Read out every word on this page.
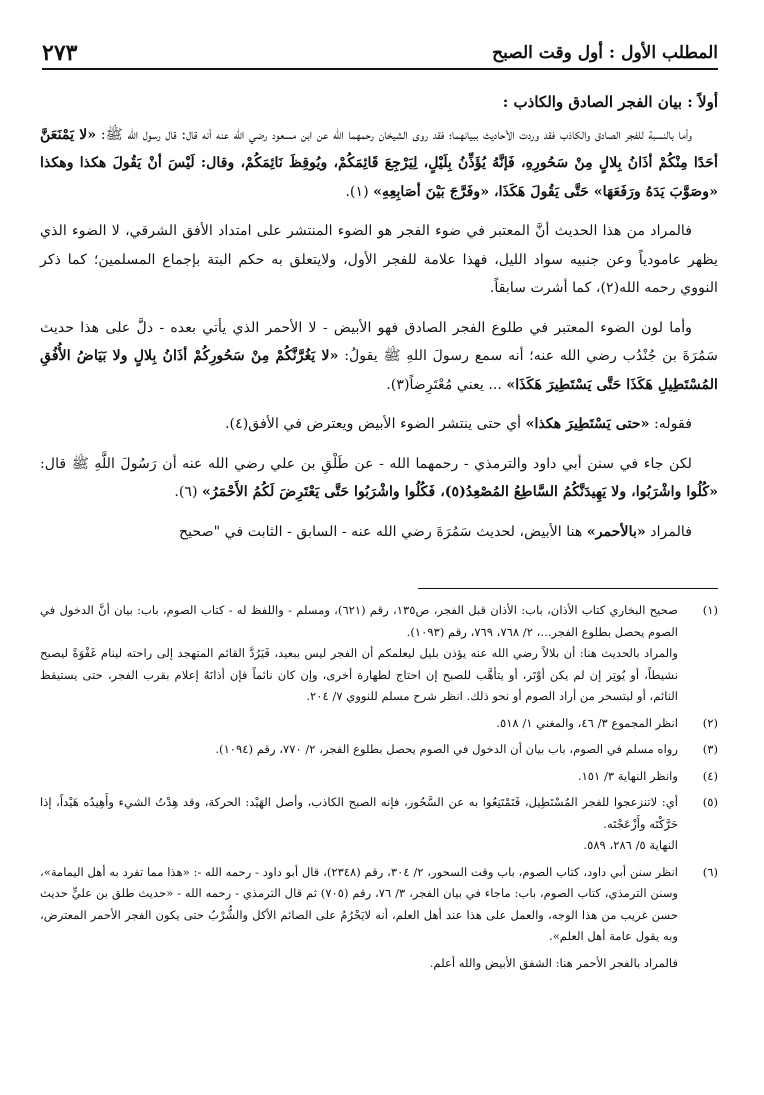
المطلب الأول : أول وقت الصبح
٢٧٣
أولاً : بيان الفجر الصادق والكاذب :

وأما بالنسبة للفجر الصادق والكاذب فقد وردت الأحاديث ببيانهما؛ فقد روى الشيخان رحمهما الله عن ابن مسعود رضي الله عنه أنه قال: قال رسول الله ﷺ: «لا يَمْنَعَنَّ أحَدًا مِنْكُمْ أذَانُ بِلالٍ مِنْ سَحُورِهِ، فَإنَّهُ يُؤَذِّنُ بِلَيْلٍ، لِيَرْجِعَ قَائِمَكُمْ، ويُوقِظَ نَائِمَكُمْ، وقال: لَيْسَ أنْ يَقُولَ هكذا وهكذا «وصَوَّبَ يَدَهُ ورَفَعَهَا» حَتَّى يَقُولَ هَكَذَا، «وفَرَّجَ بَيْنَ أصَابِعِهِ» (١).

فالمراد من هذا الحديث أنَّ المعتبر في ضوء الفجر هو الضوء المنتشر على امتداد الأفق الشرقي، لا الضوء الذي يظهر عامودياً وعن جنبيه سواد الليل، فهذا علامة للفجر الأول، ولايتعلق به حكم البتة بإجماع المسلمين؛ كما ذكر النووي رحمه الله(٢)، كما أشرت سابقاً.

وأما لون الضوء المعتبر في طلوع الفجر الصادق فهو الأبيض - لا الأحمر الذي يأتي بعده - دلَّ على هذا حديث سَمُرَةَ بن جُنْدُب رضي الله عنه؛ أنه سمع رسولَ اللهِ ﷺ يقولُ: «لا يَغُرَّنَّكُمْ مِنْ سَحُورِكُمْ أذَانُ بِلالٍ ولا بَيَاضُ الأُفُقِ المُسْتَطِيلِ هَكَذَا حَتَّى يَسْتَطِيرَ هَكَذَا» ... يعني مُعْتَرِضاً(٣).

فقوله: «حتى يَسْتَطِيرَ هكذا» أي حتى ينتشر الضوء الأبيض ويعترض في الأفق(٤).

لكن جاء في سنن أبي داود والترمذي - رحمهما الله - عن طَلْقِ بن علي رضي الله عنه أن رَسُولَ اللَّهِ ﷺ قال: «كُلُوا واشْرَبُوا، ولا يَهِيدَنَّكُمُ السَّاطِعُ المُصْعِدُ(٥)، فَكُلُوا واشْرَبُوا حَتَّى يَعْتَرِضَ لَكُمُ الأَحْمَرُ» (٦).

فالمراد «بالأحمر» هنا الأبيض، لحديث سَمُرَةَ رضي الله عنه - السابق - الثابت في "صحيح

(١)

صحيح البخاري كتاب الأذان، باب: الأذان قبل الفجر، ص١٣٥، رقم (٦٢١)، ومسلم - واللفظ له - كتاب الصوم، باب: بيان أنَّ الدخول في الصوم يحصل بطلوع الفجر...، ٢/ ٧٦٨، ٧٦٩، رقم (١٠٩٣).

والمراد بالحديث هنا: أن بلالاً رضي الله عنه يؤذن بليل ليعلمكم أن الفجر ليس ببعيد، فَيَرُدَّ القائم المتهجد إلى راحته لينام غَفْوَةً ليصبح نشيطاً، أو يُوتِر إن لم يكن أوْتَر، أو يتأهَّب للصبح إن احتاج لطهارة أخرى، وإن كان نائماً فإن أذانَهُ إعلام بقرب الفجر، حتى يستيقظ النائم، أو ليتسحر من أراد الصوم أو نحو ذلك. انظر شرح مسلم للنووي ٧/ ٢٠٤.

(٢)

انظر المجموع ٣/ ٤٦، والمغني ١/ ٥١٨.

(٣)

رواه مسلم في الصوم، باب بيان أن الدخول في الصوم يحصل بطلوع الفجر، ٢/ ٧٧٠، رقم (١٠٩٤).

(٤)

وانظر النهاية ٣/ ١٥١.

(٥)

أي: لاتنزعجوا للفجر المُسْتَطِيل، فَتَمْتَنِعُوا به عن السَّحُور، فإنه الصبح الكاذب، وأصل الهَيْد: الحركة، وقد هِدْتُ الشيء وأَهِيدُه هَيْداً، إذا حَرَّكْتَه وأَزْعَجْتَه.

النهاية ٥/ ٢٨٦، ٥٨٩.

(٦)

انظر سنن أبي داود، كتاب الصوم، باب وقت السحور، ٢/ ٣٠٤، رقم (٢٣٤٨)، قال أبو داود - رحمه الله -: «هذا مما تفرد به أهل اليمامة»، وسنن الترمذي، كتاب الصوم، باب: ماجاء في بيان الفجر، ٣/ ٧٦، رقم (٧٠٥) ثم قال الترمذي - رحمه الله - «حديث طلق بن عليٍّ حديث حسن غريب من هذا الوجه، والعمل على هذا عند أهل العلم، أنه لايَحْرُمُ على الصائم الأكل والشُّرْبُ حتى يكون الفجر الأحمر المعترض، وبه يقول عامة أهل العلم».

فالمراد بالفجر الأحمر هنا: الشفق الأبيض والله أعلم.
